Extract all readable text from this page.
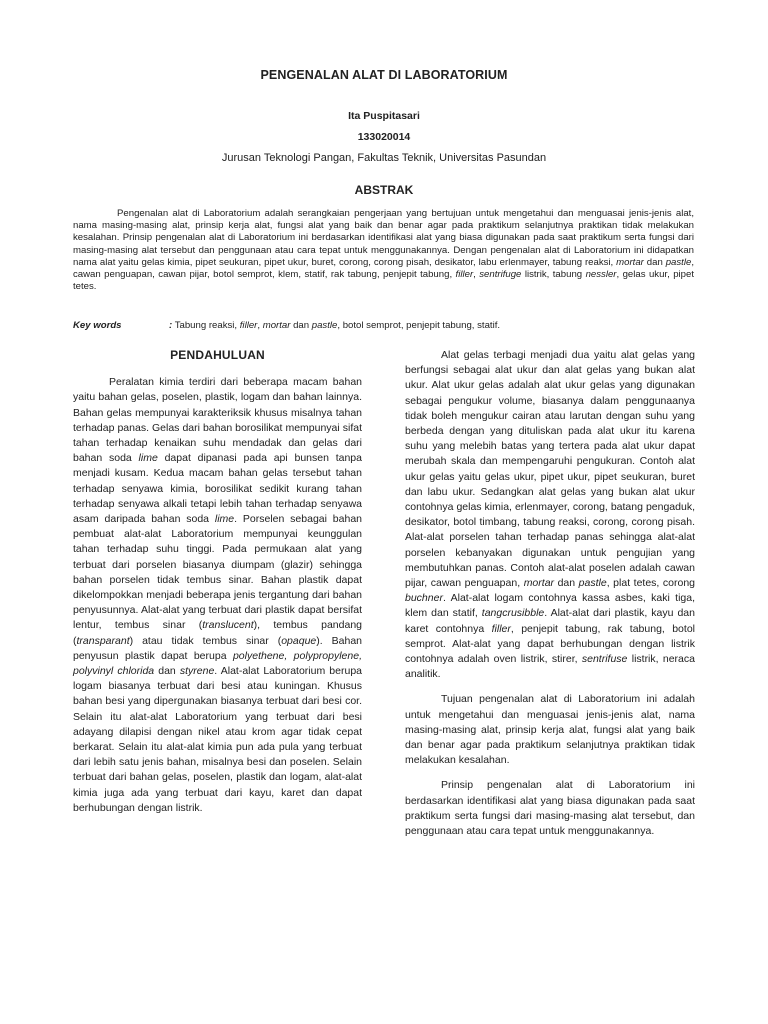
PENGENALAN ALAT DI LABORATORIUM
Ita Puspitasari
133020014
Jurusan Teknologi Pangan, Fakultas Teknik, Universitas Pasundan
ABSTRAK

Pengenalan alat di Laboratorium adalah serangkaian pengerjaan yang bertujuan untuk mengetahui dan menguasai jenis-jenis alat, nama masing-masing alat, prinsip kerja alat, fungsi alat yang baik dan benar agar pada praktikum selanjutnya praktikan tidak melakukan kesalahan. Prinsip pengenalan alat di Laboratorium ini berdasarkan identifikasi alat yang biasa digunakan pada saat praktikum serta fungsi dari masing-masing alat tersebut dan penggunaan atau cara tepat untuk menggunakannya. Dengan pengenalan alat di Laboratorium ini didapatkan nama alat yaitu gelas kimia, pipet seukuran, pipet ukur, buret, corong, corong pisah, desikator, labu erlenmayer, tabung reaksi, mortar dan pastle, cawan penguapan, cawan pijar, botol semprot, klem, statif, rak tabung, penjepit tabung, filler, sentrifuge listrik, tabung nessler, gelas ukur, pipet tetes.

Key words	: Tabung reaksi, filler, mortar dan pastle, botol semprot, penjepit tabung, statif.
PENDAHULUAN

Peralatan kimia terdiri dari beberapa macam bahan yaitu bahan gelas, poselen, plastik, logam dan bahan lainnya. Bahan gelas mempunyai karakteriksik khusus misalnya tahan terhadap panas. Gelas dari bahan borosilikat mempunyai sifat tahan terhadap kenaikan suhu mendadak dan gelas dari bahan soda lime dapat dipanasi pada api bunsen tanpa menjadi kusam. Kedua macam bahan gelas tersebut tahan terhadap senyawa kimia, borosilikat sedikit kurang tahan terhadap senyawa alkali tetapi lebih tahan terhadap senyawa asam daripada bahan soda lime. Porselen sebagai bahan pembuat alat-alat Laboratorium mempunyai keunggulan tahan terhadap suhu tinggi. Pada permukaan alat yang terbuat dari porselen biasanya diumpam (glazir) sehingga bahan porselen tidak tembus sinar. Bahan plastik dapat dikelompokkan menjadi beberapa jenis tergantung dari bahan penyusunnya. Alat-alat yang terbuat dari plastik dapat bersifat lentur, tembus sinar (translucent), tembus pandang (transparant) atau tidak tembus sinar (opaque). Bahan penyusun plastik dapat berupa polyethene, polypropylene, polyvinyl chlorida dan styrene. Alat-alat Laboratorium berupa logam biasanya terbuat dari besi atau kuningan. Khusus bahan besi yang dipergunakan biasanya terbuat dari besi cor. Selain itu alat-alat Laboratorium yang terbuat dari besi adayang dilapisi dengan nikel atau krom agar tidak cepat berkarat. Selain itu alat-alat kimia pun ada pula yang terbuat dari lebih satu jenis bahan, misalnya besi dan poselen. Selain terbuat dari bahan gelas, poselen, plastik dan logam, alat-alat kimia juga ada yang terbuat dari kayu, karet dan dapat berhubungan dengan listrik.

Alat gelas terbagi menjadi dua yaitu alat gelas yang berfungsi sebagai alat ukur dan alat gelas yang bukan alat ukur. Alat ukur gelas adalah alat ukur gelas yang digunakan sebagai pengukur volume, biasanya dalam penggunaanya tidak boleh mengukur cairan atau larutan dengan suhu yang berbeda dengan yang dituliskan pada alat ukur itu karena suhu yang melebih batas yang tertera pada alat ukur dapat merubah skala dan mempengaruhi pengukuran. Contoh alat ukur gelas yaitu gelas ukur, pipet ukur, pipet seukuran, buret dan labu ukur. Sedangkan alat gelas yang bukan alat ukur contohnya gelas kimia, erlenmayer, corong, batang pengaduk, desikator, botol timbang, tabung reaksi, corong, corong pisah. Alat-alat porselen tahan terhadap panas sehingga alat-alat porselen kebanyakan digunakan untuk pengujian yang membutuhkan panas. Contoh alat-alat poselen adalah cawan pijar, cawan penguapan, mortar dan pastle, plat tetes, corong buchner. Alat-alat logam contohnya kassa asbes, kaki tiga, klem dan statif, tangcrusibble. Alat-alat dari plastik, kayu dan karet contohnya filler, penjepit tabung, rak tabung, botol semprot. Alat-alat yang dapat berhubungan dengan listrik contohnya adalah oven listrik, stirer, sentrifuse listrik, neraca analitik.

Tujuan pengenalan alat di Laboratorium ini adalah untuk mengetahui dan menguasai jenis-jenis alat, nama masing-masing alat, prinsip kerja alat, fungsi alat yang baik dan benar agar pada praktikum selanjutnya praktikan tidak melakukan kesalahan.

Prinsip pengenalan alat di Laboratorium ini berdasarkan identifikasi alat yang biasa digunakan pada saat praktikum serta fungsi dari masing-masing alat tersebut, dan penggunaan atau cara tepat untuk menggunakannya.
